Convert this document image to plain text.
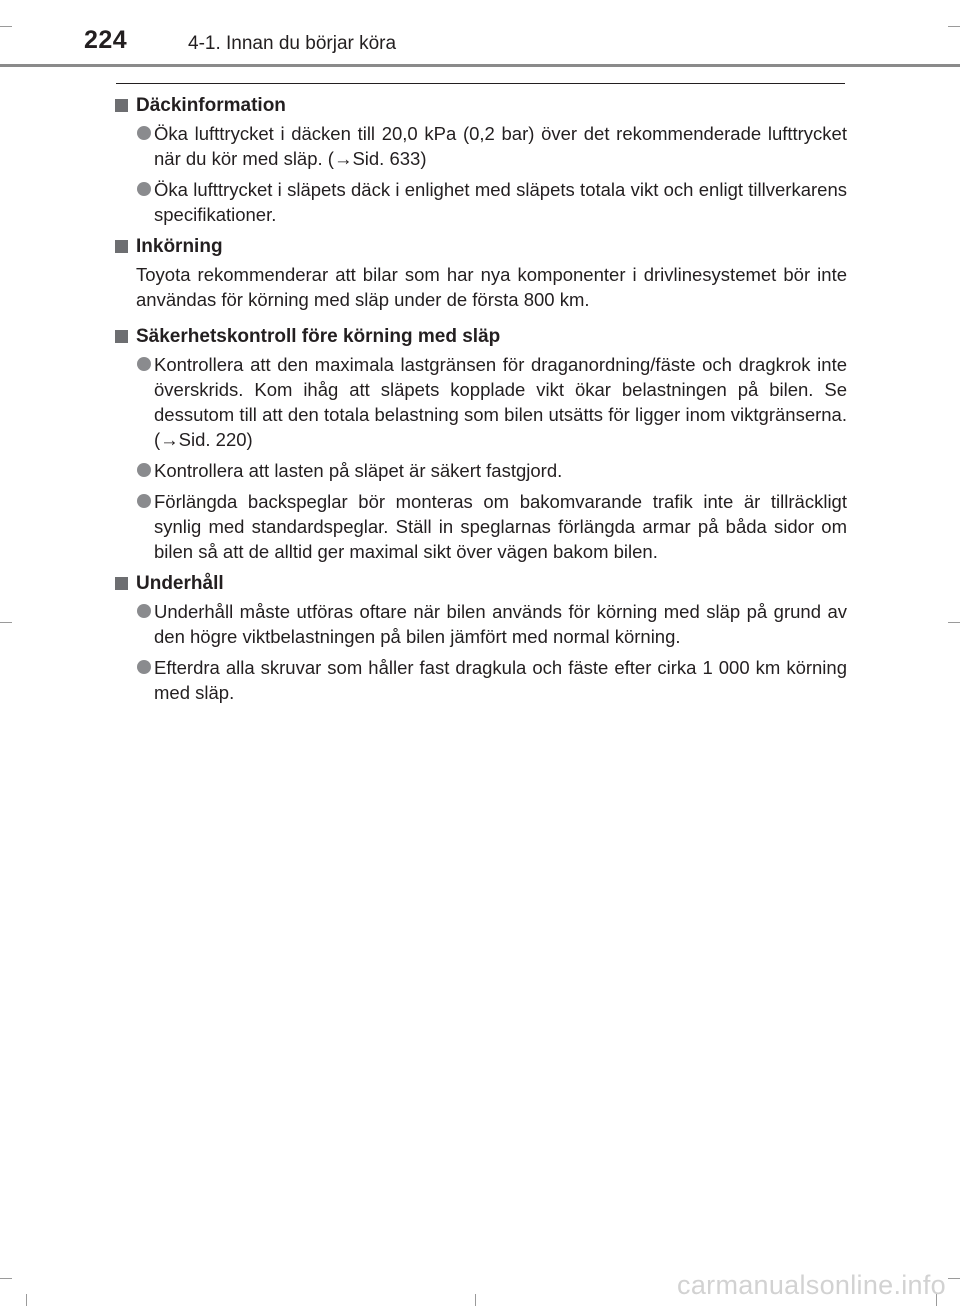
224	4-1. Innan du börjar köra
Däckinformation
Öka lufttrycket i däcken till 20,0 kPa (0,2 bar) över det rekommenderade lufttrycket när du kör med släp. (→Sid. 633)
Öka lufttrycket i släpets däck i enlighet med släpets totala vikt och enligt tillverkarens specifikationer.
Inkörning
Toyota rekommenderar att bilar som har nya komponenter i drivlinesystemet bör inte användas för körning med släp under de första 800 km.
Säkerhetskontroll före körning med släp
Kontrollera att den maximala lastgränsen för draganordning/fäste och dragkrok inte överskrids. Kom ihåg att släpets kopplade vikt ökar belastningen på bilen. Se dessutom till att den totala belastning som bilen utsätts för ligger inom viktgränserna. (→Sid. 220)
Kontrollera att lasten på släpet är säkert fastgjord.
Förlängda backspeglar bör monteras om bakomvarande trafik inte är tillräckligt synlig med standardspeglar. Ställ in speglarnas förlängda armar på båda sidor om bilen så att de alltid ger maximal sikt över vägen bakom bilen.
Underhåll
Underhåll måste utföras oftare när bilen används för körning med släp på grund av den högre viktbelastningen på bilen jämfört med normal körning.
Efterdra alla skruvar som håller fast dragkula och fäste efter cirka 1 000 km körning med släp.
carmanualsonline.info
